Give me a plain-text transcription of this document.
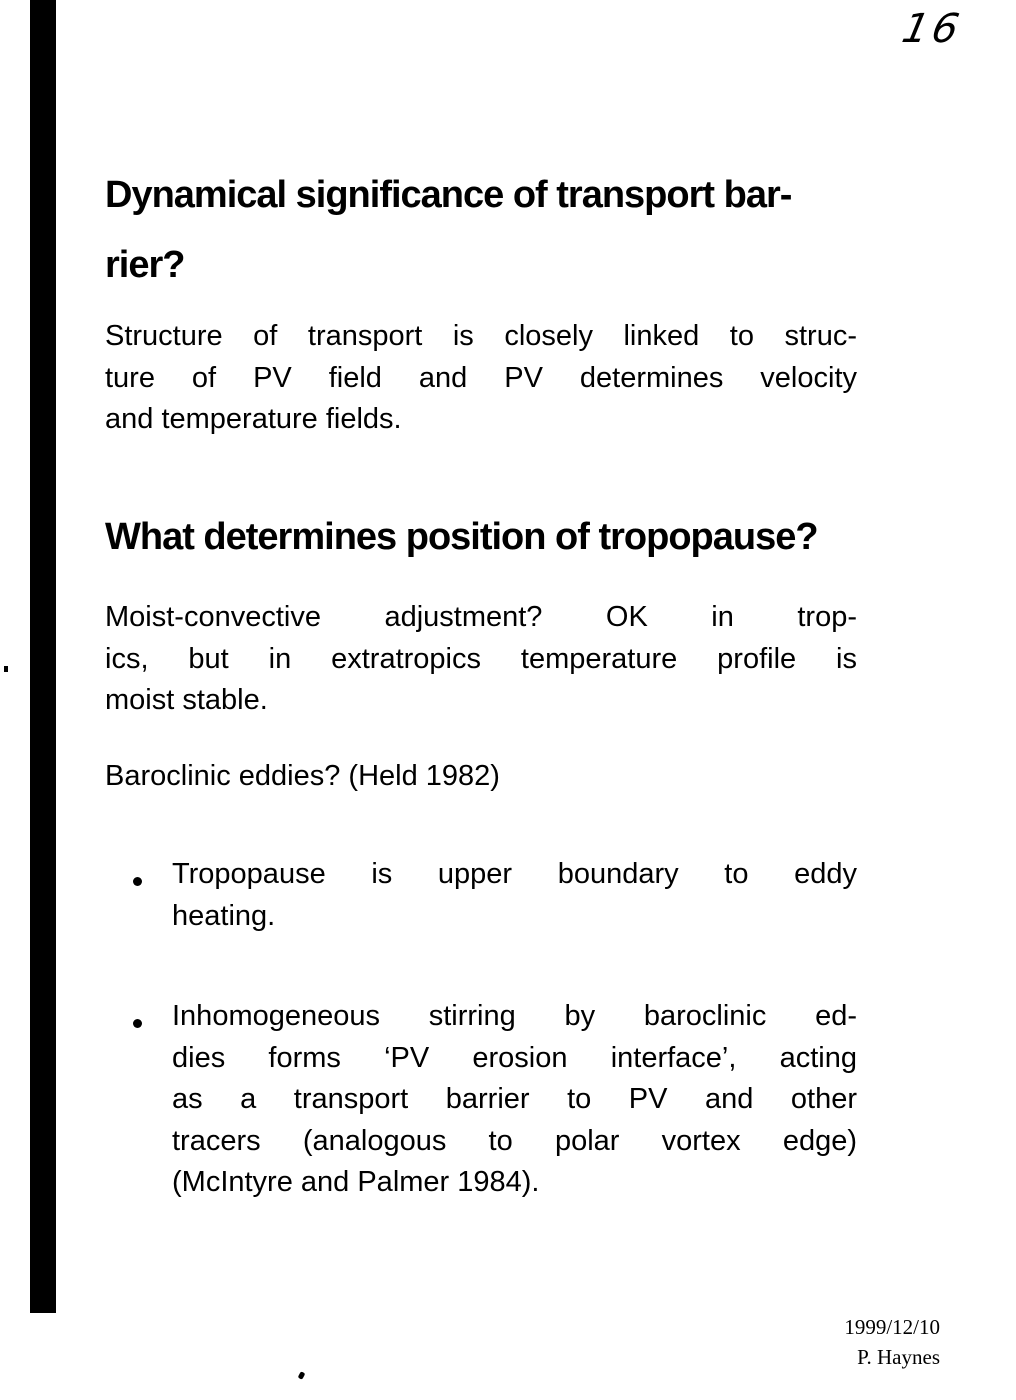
16
Dynamical significance of transport bar-
rier?
Structure of transport is closely linked to struc-
ture of PV field and PV determines velocity
and temperature fields.
What determines position of tropopause?
Moist-convective adjustment? OK in trop-
ics, but in extratropics temperature profile is
moist stable.
Baroclinic eddies? (Held 1982)
Tropopause is upper boundary to eddy
heating.
Inhomogeneous stirring by baroclinic ed-
dies forms ‘PV erosion interface’, acting
as a transport barrier to PV and other
tracers (analogous to polar vortex edge)
(McIntyre and Palmer 1984).
1999/12/10
P. Haynes
